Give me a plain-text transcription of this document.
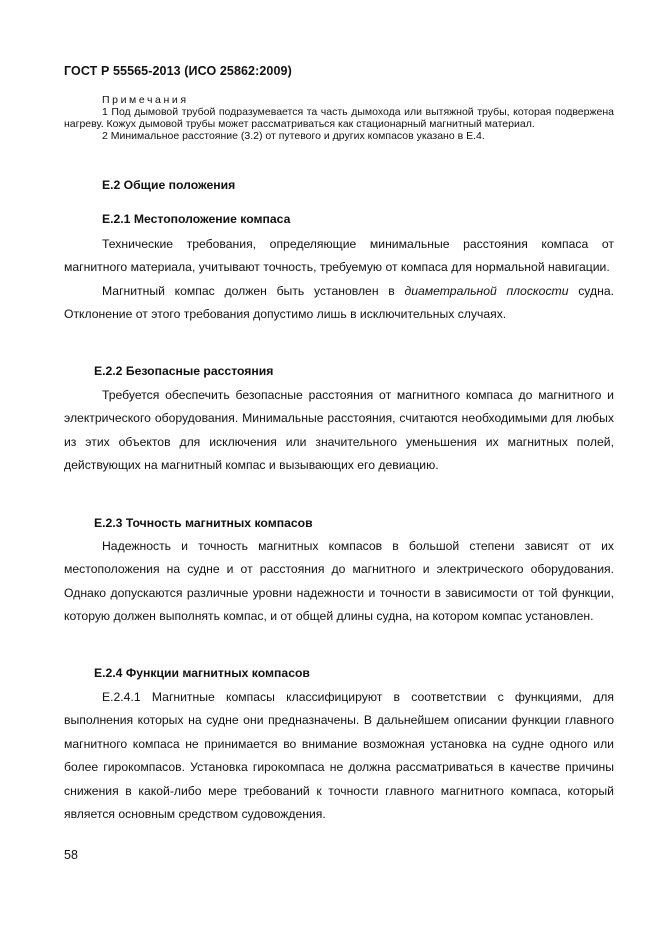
ГОСТ Р 55565-2013 (ИСО 25862:2009)
Примечания

1 Под дымовой трубой подразумевается та часть дымохода или вытяжной трубы, которая подвержена нагреву. Кожух дымовой трубы может рассматриваться как стационарный магнитный материал.

2 Минимальное расстояние (3.2) от путевого и других компасов указано в Е.4.

Е.2 Общие положения
Е.2.1 Местоположение компаса

Технические требования, определяющие минимальные расстояния компаса от магнитного материала, учитывают точность, требуемую от компаса для нормальной навигации.

Магнитный компас должен быть установлен в диаметральной плоскости судна. Отклонение от этого требования допустимо лишь в исключительных случаях.

Е.2.2 Безопасные расстояния

Требуется обеспечить безопасные расстояния от магнитного компаса до магнитного и электрического оборудования. Минимальные расстояния, считаются необходимыми для любых из этих объектов для исключения или значительного уменьшения их магнитных полей, действующих на магнитный компас и вызывающих его девиацию.

Е.2.3 Точность магнитных компасов

Надежность и точность магнитных компасов в большой степени зависят от их местоположения на судне и от расстояния до магнитного и электрического оборудования. Однако допускаются различные уровни надежности и точности в зависимости от той функции, которую должен выполнять компас, и от общей длины судна, на котором компас установлен.

Е.2.4 Функции магнитных компасов

Е.2.4.1 Магнитные компасы классифицируют в соответствии с функциями, для выполнения которых на судне они предназначены. В дальнейшем описании функции главного магнитного компаса не принимается во внимание возможная установка на судне одного или более гирокомпасов. Установка гирокомпаса не должна рассматриваться в качестве причины снижения в какой-либо мере требований к точности главного магнитного компаса, который является основным средством судовождения.

58
